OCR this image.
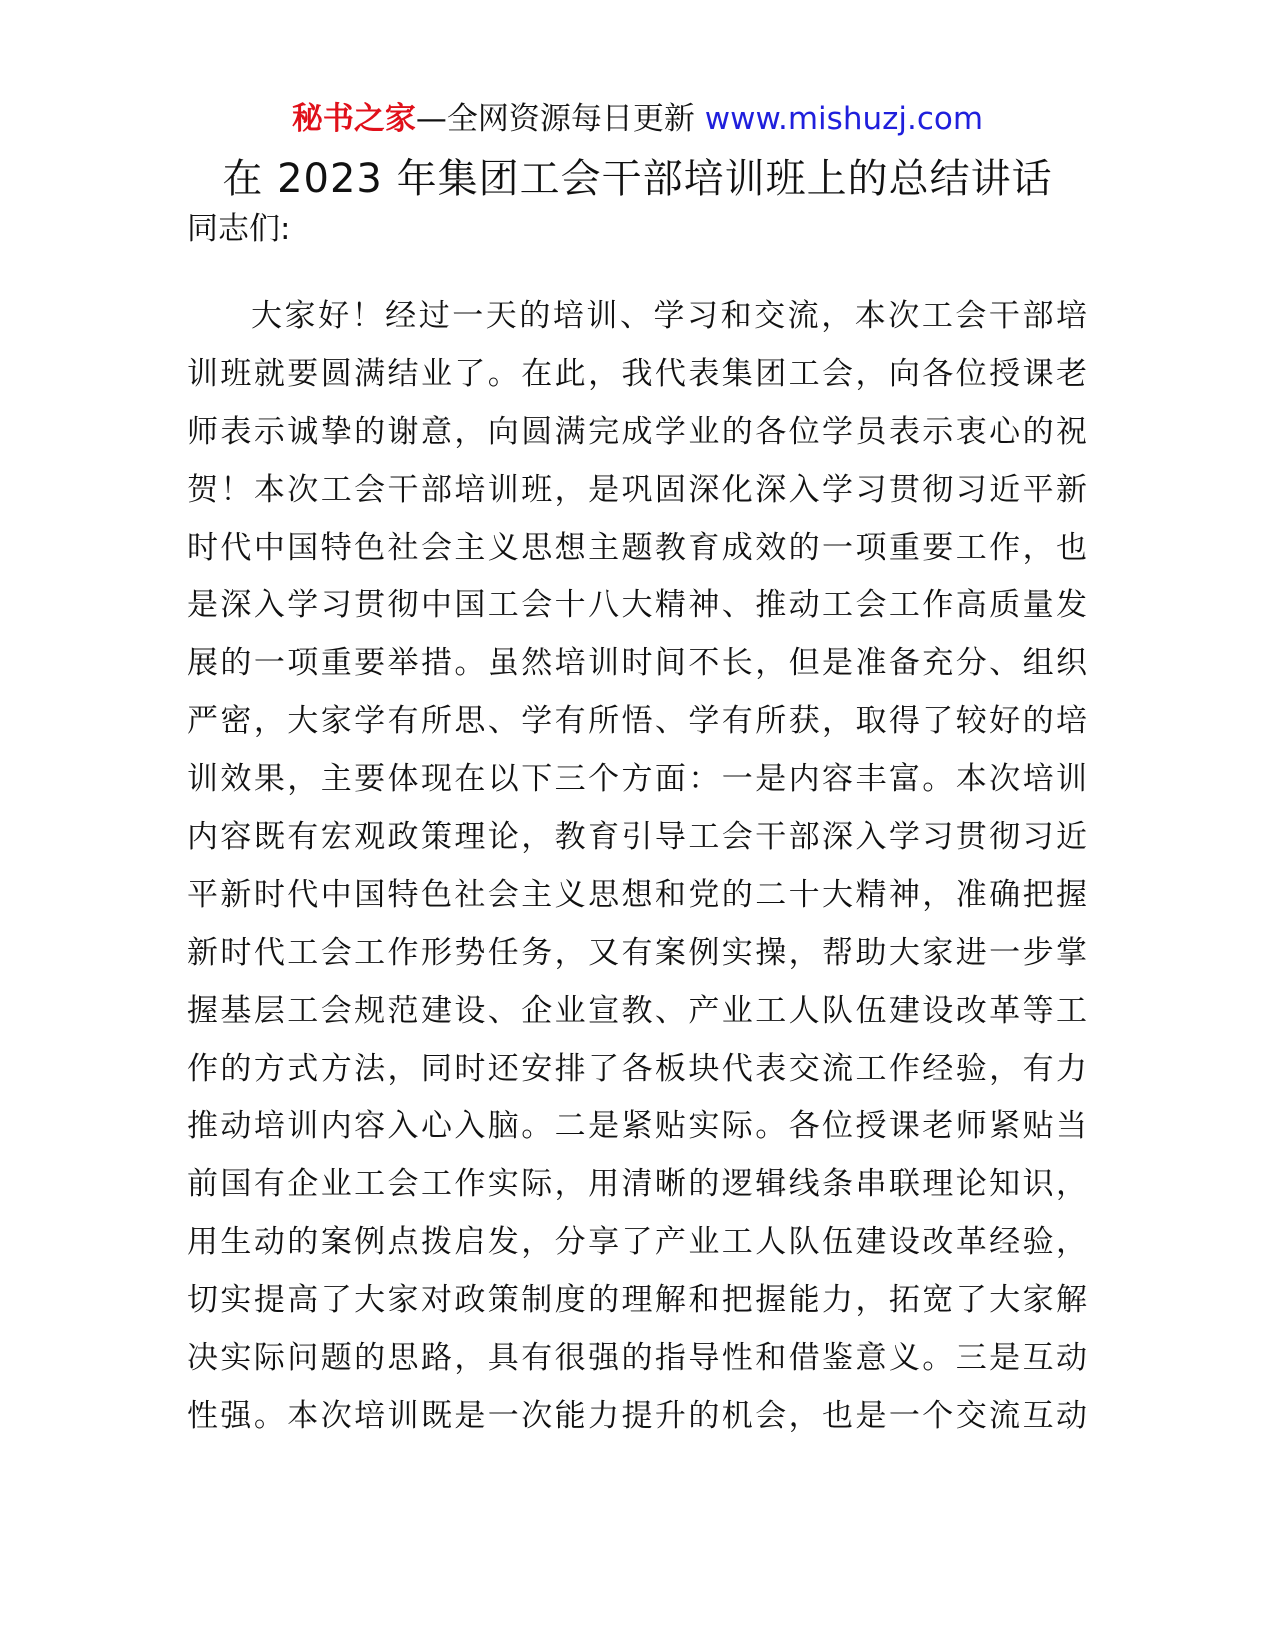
秘书之家—全网资源每日更新 www.mishuzj.com
在 2023 年集团工会干部培训班上的总结讲话

同志们:

大家好！经过一天的培训、学习和交流，本次工会干部培
训班就要圆满结业了。在此，我代表集团工会，向各位授课老
师表示诚挚的谢意，向圆满完成学业的各位学员表示衷心的祝
贺！本次工会干部培训班，是巩固深化深入学习贯彻习近平新
时代中国特色社会主义思想主题教育成效的一项重要工作，也
是深入学习贯彻中国工会十八大精神、推动工会工作高质量发
展的一项重要举措。虽然培训时间不长，但是准备充分、组织
严密，大家学有所思、学有所悟、学有所获，取得了较好的培
训效果，主要体现在以下三个方面：一是内容丰富。本次培训
内容既有宏观政策理论，教育引导工会干部深入学习贯彻习近
平新时代中国特色社会主义思想和党的二十大精神，准确把握
新时代工会工作形势任务，又有案例实操，帮助大家进一步掌
握基层工会规范建设、企业宣教、产业工人队伍建设改革等工
作的方式方法，同时还安排了各板块代表交流工作经验，有力
推动培训内容入心入脑。二是紧贴实际。各位授课老师紧贴当
前国有企业工会工作实际，用清晰的逻辑线条串联理论知识，
用生动的案例点拨启发，分享了产业工人队伍建设改革经验，
切实提高了大家对政策制度的理解和把握能力，拓宽了大家解
决实际问题的思路，具有很强的指导性和借鉴意义。三是互动
性强。本次培训既是一次能力提升的机会，也是一个交流互动
